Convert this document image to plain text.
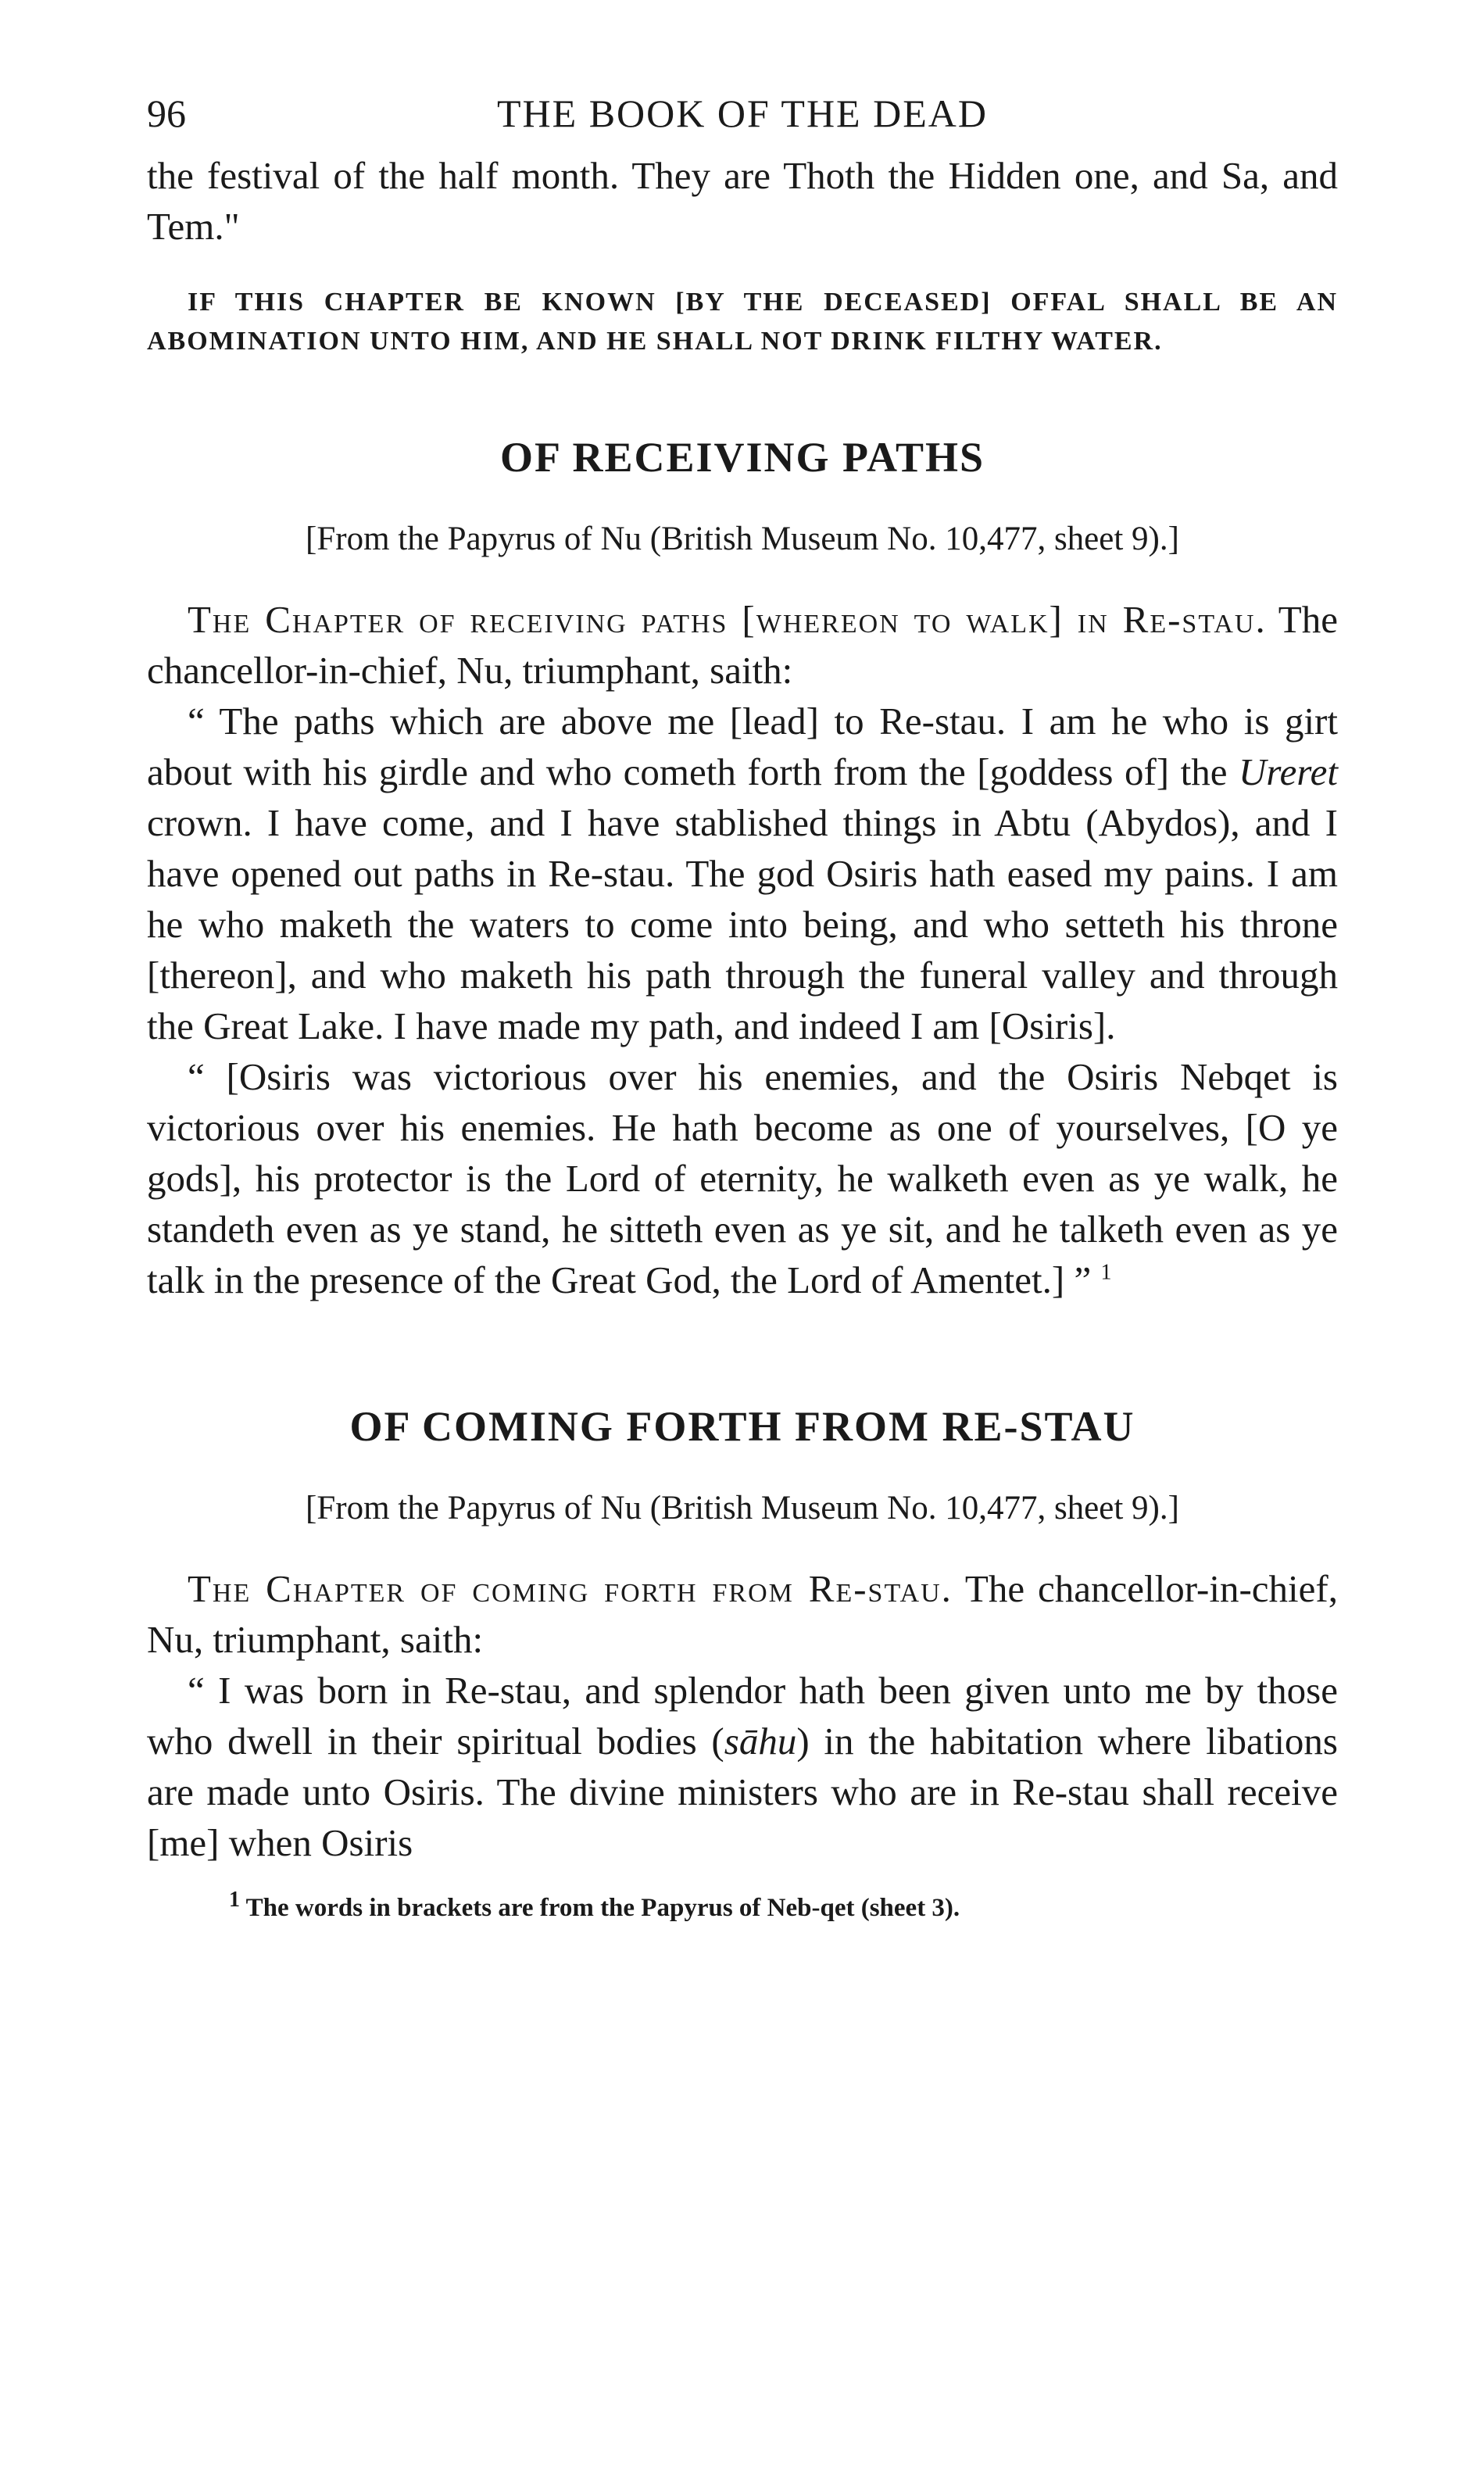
96	THE BOOK OF THE DEAD

the festival of the half month. They are Thoth the Hidden one, and Sa, and Tem."

IF THIS CHAPTER BE KNOWN [BY THE DECEASED] OFFAL SHALL BE AN ABOMINATION UNTO HIM, AND HE SHALL NOT DRINK FILTHY WATER.

OF RECEIVING PATHS

[From the Papyrus of Nu (British Museum No. 10,477, sheet 9).]

The Chapter of receiving paths [whereon to walk] in Re-stau. The chancellor-in-chief, Nu, triumphant, saith:

“ The paths which are above me [lead] to Re-stau. I am he who is girt about with his girdle and who cometh forth from the [goddess of] the Ureret crown. I have come, and I have stablished things in Abtu (Abydos), and I have opened out paths in Re-stau. The god Osiris hath eased my pains. I am he who maketh the waters to come into being, and who setteth his throne [thereon], and who maketh his path through the funeral valley and through the Great Lake. I have made my path, and indeed I am [Osiris].

“ [Osiris was victorious over his enemies, and the Osiris Nebqet is victorious over his enemies. He hath become as one of yourselves, [O ye gods], his protector is the Lord of eternity, he walketh even as ye walk, he standeth even as ye stand, he sitteth even as ye sit, and he talketh even as ye talk in the presence of the Great God, the Lord of Amentet.] ” $^1$

OF COMING FORTH FROM RE-STAU

[From the Papyrus of Nu (British Museum No. 10,477, sheet 9).]

The Chapter of coming forth from Re-stau. The chancellor-in-chief, Nu, triumphant, saith:

“ I was born in Re-stau, and splendor hath been given unto me by those who dwell in their spiritual bodies (sāhu) in the habitation where libations are made unto Osiris. The divine ministers who are in Re-stau shall receive [me] when Osiris

$^1$ The words in brackets are from the Papyrus of Neb-qet (sheet 3).
